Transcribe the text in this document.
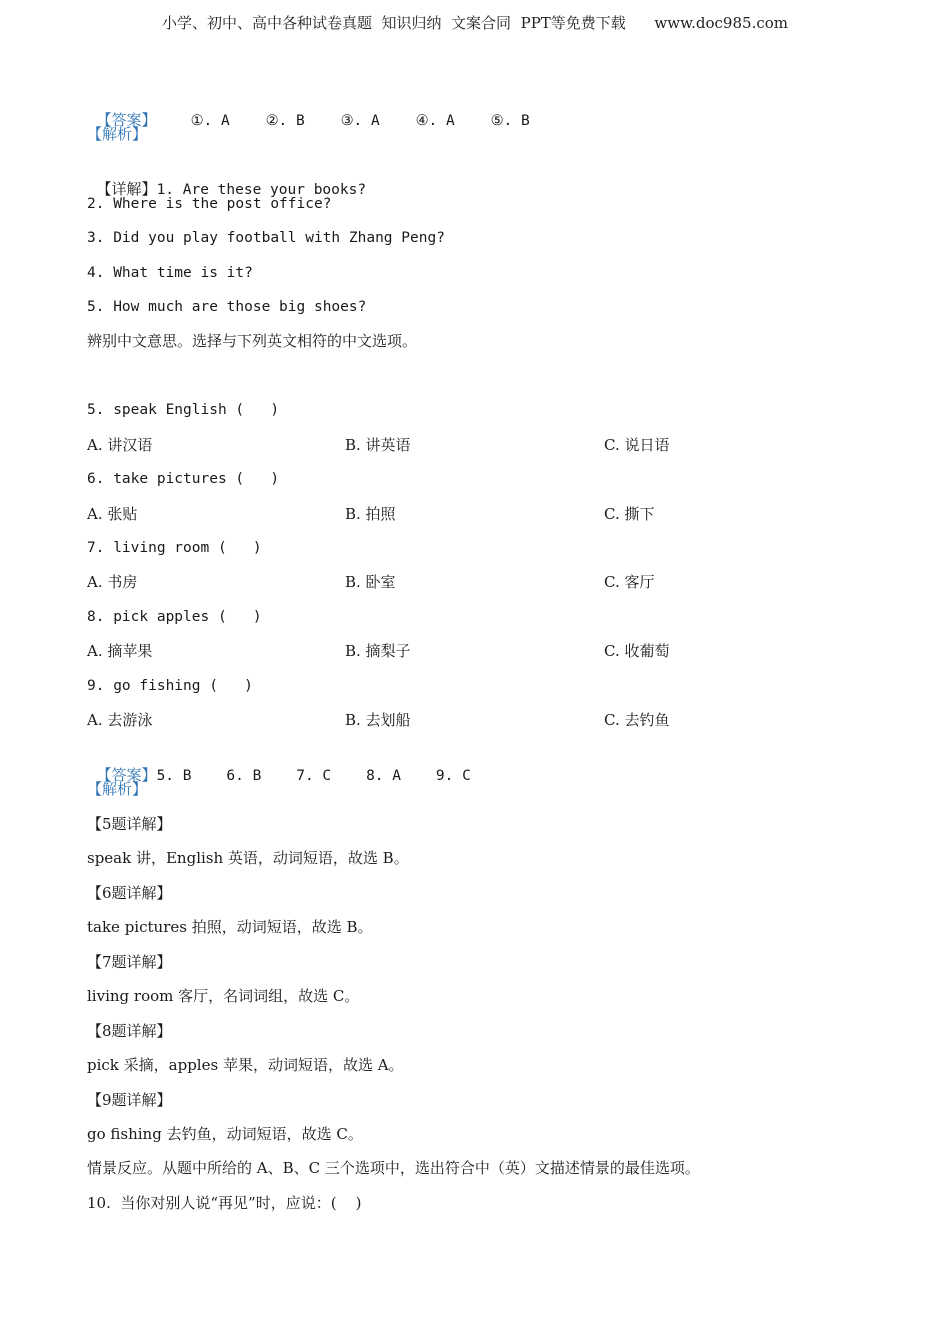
小学、初中、高中各种试卷真题  知识归纳  文案合同  PPT等免费下载      www.doc985.com

【答案】 ①. A ②. B ③. A ④. A ⑤. B

【解析】

【详解】1. Are these your books?

2. Where is the post office?
3. Did you play football with Zhang Peng?
4. What time is it?
5. How much are those big shoes?
辨别中文意思。选择与下列英文相符的中文选项。
5. speak English (   )
A. 讲汉语	B. 讲英语	C. 说日语
6. take pictures (   )
A. 张贴	B. 拍照	C. 撕下
7. living room (   )
A. 书房	B. 卧室	C. 客厅
8. pick apples (   )
A. 摘苹果	B. 摘梨子	C. 收葡萄
9. go fishing (   )
A. 去游泳	B. 去划船	C. 去钓鱼

【答案】5. B    6. B    7. C    8. A    9. C

【解析】
【5题详解】
speak 讲，English 英语，动词短语，故选 B。
【6题详解】
take pictures 拍照，动词短语，故选 B。
【7题详解】
living room 客厅，名词词组，故选 C。
【8题详解】
pick 采摘，apples 苹果，动词短语，故选 A。
【9题详解】
go fishing 去钓鱼，动词短语，故选 C。
情景反应。从题中所给的 A、B、C 三个选项中，选出符合中（英）文描述情景的最佳选项。
10.  当你对别人说“再见”时，应说：(    )
